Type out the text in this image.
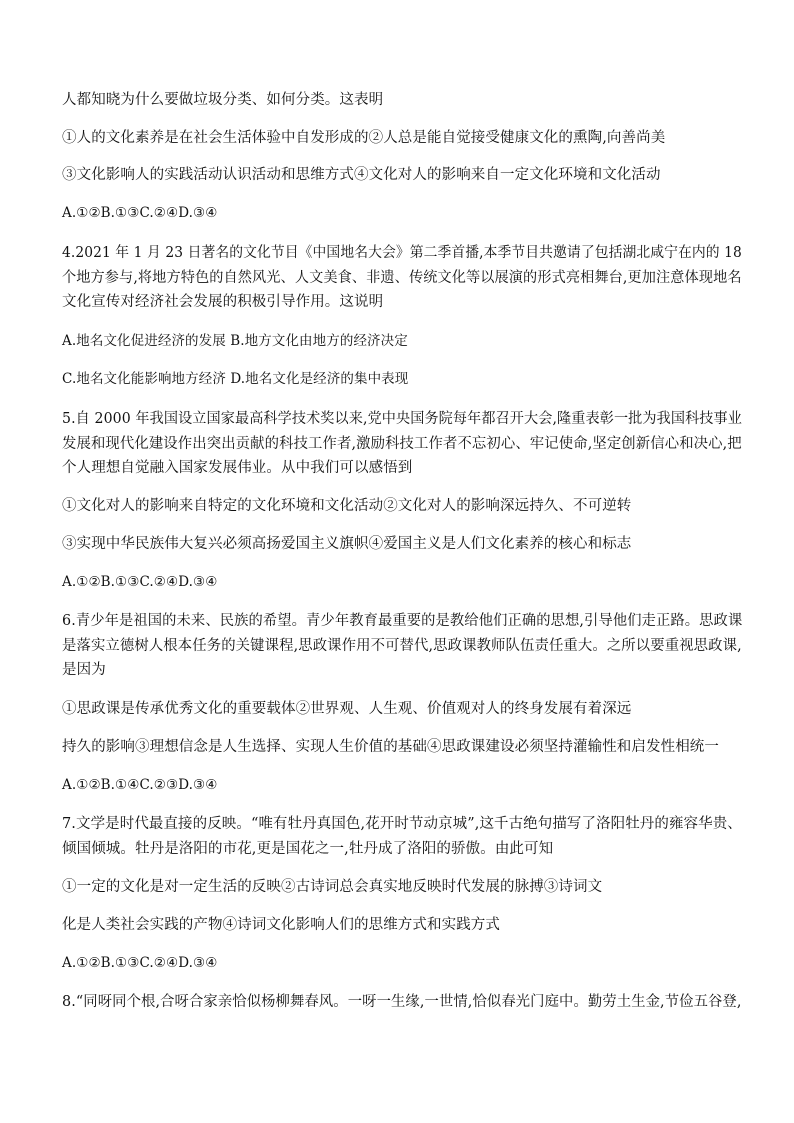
人都知晓为什么要做垃圾分类、如何分类。这表明
①人的文化素养是在社会生活体验中自发形成的②人总是能自觉接受健康文化的熏陶,向善尚美
③文化影响人的实践活动认识活动和思维方式④文化对人的影响来自一定文化环境和文化活动
A.①②B.①③C.②④D.③④
4.2021 年 1 月 23 日著名的文化节目《中国地名大会》第二季首播,本季节目共邀请了包括湖北咸宁在内的 18
个地方参与,将地方特色的自然风光、人文美食、非遗、传统文化等以展演的形式亮相舞台,更加注意体现地名
文化宣传对经济社会发展的积极引导作用。这说明
A.地名文化促进经济的发展 B.地方文化由地方的经济决定
C.地名文化能影响地方经济 D.地名文化是经济的集中表现
5.自 2000 年我国设立国家最高科学技术奖以来,党中央国务院每年都召开大会,隆重表彰一批为我国科技事业
发展和现代化建设作出突出贡献的科技工作者,激励科技工作者不忘初心、牢记使命,坚定创新信心和决心,把
个人理想自觉融入国家发展伟业。从中我们可以感悟到
①文化对人的影响来自特定的文化环境和文化活动②文化对人的影响深远持久、不可逆转
③实现中华民族伟大复兴必须高扬爱国主义旗帜④爱国主义是人们文化素养的核心和标志
A.①②B.①③C.②④D.③④
6.青少年是祖国的未来、民族的希望。青少年教育最重要的是教给他们正确的思想,引导他们走正路。思政课
是落实立德树人根本任务的关键课程,思政课作用不可替代,思政课教师队伍责任重大。之所以要重视思政课,
是因为
①思政课是传承优秀文化的重要载体②世界观、人生观、价值观对人的终身发展有着深远
持久的影响③理想信念是人生选择、实现人生价值的基础④思政课建设必须坚持灌输性和启发性相统一
A.①②B.①④C.②③D.③④
7.文学是时代最直接的反映。“唯有牡丹真国色,花开时节动京城”,这千古绝句描写了洛阳牡丹的雍容华贵、
倾国倾城。牡丹是洛阳的市花,更是国花之一,牡丹成了洛阳的骄傲。由此可知
①一定的文化是对一定生活的反映②古诗词总会真实地反映时代发展的脉搏③诗词文
化是人类社会实践的产物④诗词文化影响人们的思维方式和实践方式
A.①②B.①③C.②④D.③④
8.“同呀同个根,合呀合家亲恰似杨柳舞春风。一呀一生缘,一世情,恰似春光门庭中。勤劳土生金,节俭五谷登,
